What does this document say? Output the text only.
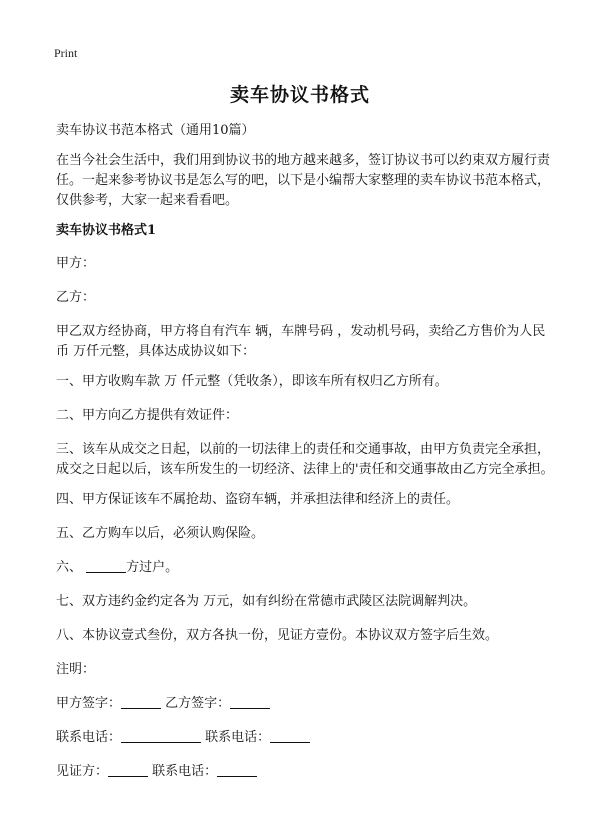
Print
卖车协议书格式

卖车协议书范本格式（通用10篇）

在当今社会生活中，我们用到协议书的地方越来越多，签订协议书可以约束双方履行责任。一起来参考协议书是怎么写的吧，以下是小编帮大家整理的卖车协议书范本格式，仅供参考，大家一起来看看吧。

卖车协议书格式1

甲方：

乙方：

甲乙双方经协商，甲方将自有汽车 辆，车牌号码 ，发动机号码，卖给乙方售价为人民币 万仟元整，具体达成协议如下：

一、甲方收购车款 万 仟元整（凭收条），即该车所有权归乙方所有。

二、甲方向乙方提供有效证件：

三、该车从成交之日起，以前的一切法律上的责任和交通事故，由甲方负责完全承担，成交之日起以后，该车所发生的一切经济、法律上的'责任和交通事故由乙方完全承担。

四、甲方保证该车不属抢劫、盗窃车辆，并承担法律和经济上的责任。

五、乙方购车以后，必须认购保险。

六、	方过户。

七、双方违约金约定各为 万元，如有纠纷在常德市武陵区法院调解判决。

八、本协议壹式叁份，双方各执一份，见证方壹份。本协议双方签字后生效。

注明：

甲方签字：	乙方签字：

联系电话：	联系电话：

见证方：	联系电话：
